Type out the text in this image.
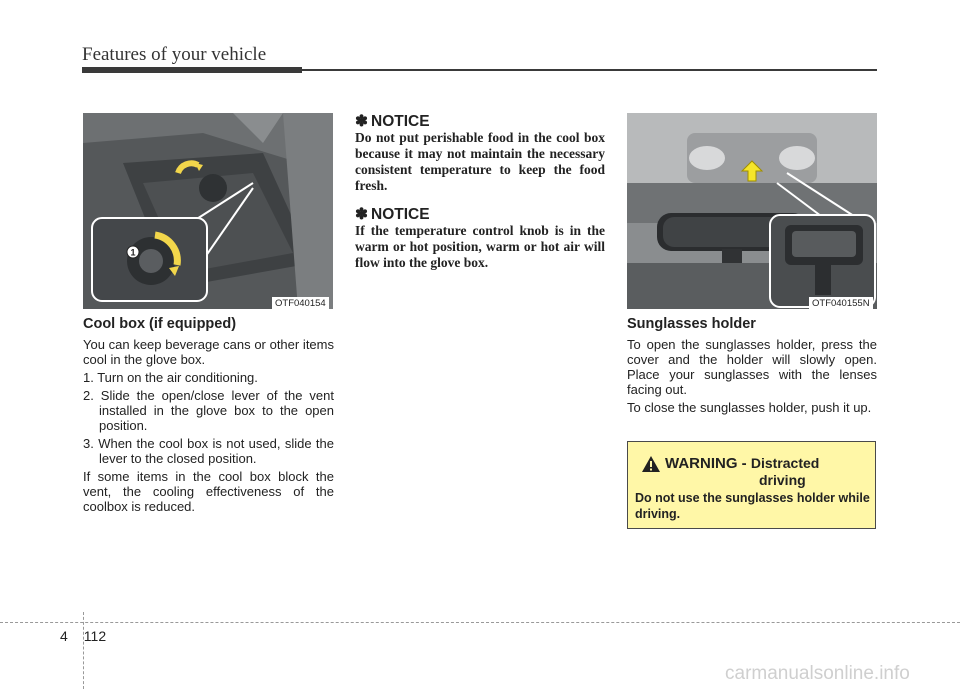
Features of your vehicle
1
OTF040154
Cool box (if equipped)

You can keep beverage cans or other items cool in the glove box.

1. Turn on the air conditioning.

2. Slide the open/close lever of the vent installed in the glove box to the open position.

3. When the cool box is not used, slide the lever to the closed position.

If some items in the cool box block the vent, the cooling effectiveness of the coolbox is reduced.

✽ NOTICE
Do not put perishable food in the cool box because it may not maintain the necessary consistent temperature to keep the food fresh.
✽ NOTICE
If the temperature control knob is in the warm or hot position, warm or hot air will flow into the glove box.
OTF040155N
Sunglasses holder

To open the sunglasses holder, press the cover and the holder will slowly open. Place your sunglasses with the lenses facing out.

To close the sunglasses holder, push it up.

WARNING - Distracted
driving
Do not use the sunglasses holder while driving.
4 112
carmanualsonline.info
